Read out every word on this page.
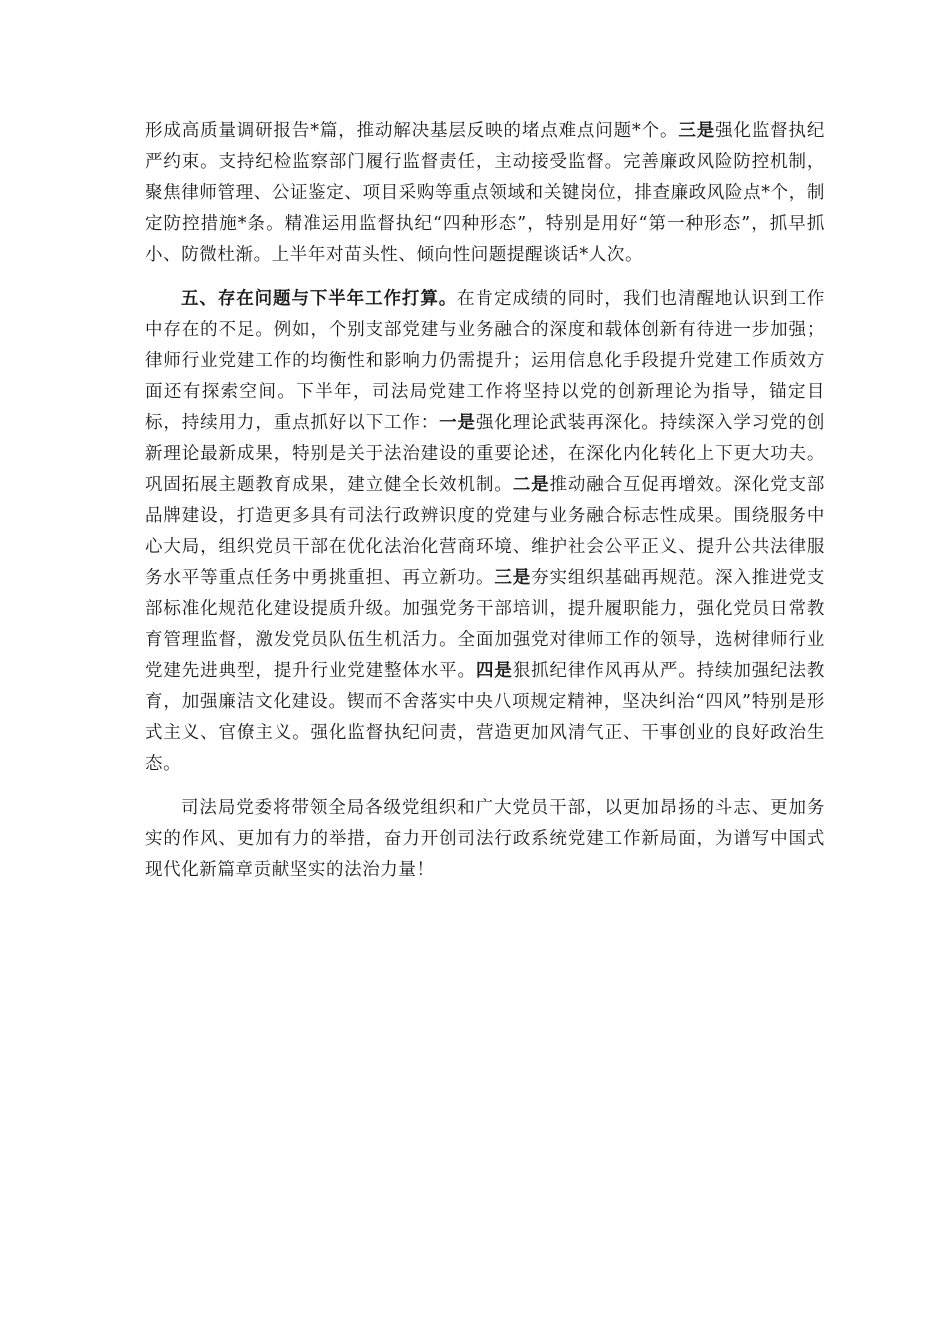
形成高质量调研报告*篇，推动解决基层反映的堵点难点问题*个。三是强化监督执纪严约束。支持纪检监察部门履行监督责任，主动接受监督。完善廉政风险防控机制，聚焦律师管理、公证鉴定、项目采购等重点领域和关键岗位，排查廉政风险点*个，制定防控措施*条。精准运用监督执纪“四种形态”，特别是用好“第一种形态”，抓早抓小、防微杜渐。上半年对苗头性、倾向性问题提醒谈话*人次。

五、存在问题与下半年工作打算。在肯定成绩的同时，我们也清醒地认识到工作中存在的不足。例如，个别支部党建与业务融合的深度和载体创新有待进一步加强；律师行业党建工作的均衡性和影响力仍需提升；运用信息化手段提升党建工作质效方面还有探索空间。下半年，司法局党建工作将坚持以党的创新理论为指导，锚定目标，持续用力，重点抓好以下工作：一是强化理论武装再深化。持续深入学习党的创新理论最新成果，特别是关于法治建设的重要论述，在深化内化转化上下更大功夫。巩固拓展主题教育成果，建立健全长效机制。二是推动融合互促再增效。深化党支部品牌建设，打造更多具有司法行政辨识度的党建与业务融合标志性成果。围绕服务中心大局，组织党员干部在优化法治化营商环境、维护社会公平正义、提升公共法律服务水平等重点任务中勇挑重担、再立新功。三是夯实组织基础再规范。深入推进党支部标准化规范化建设提质升级。加强党务干部培训，提升履职能力，强化党员日常教育管理监督，激发党员队伍生机活力。全面加强党对律师工作的领导，选树律师行业党建先进典型，提升行业党建整体水平。四是狠抓纪律作风再从严。持续加强纪法教育，加强廉洁文化建设。锲而不舍落实中央八项规定精神，坚决纠治“四风”特别是形式主义、官僚主义。强化监督执纪问责，营造更加风清气正、干事创业的良好政治生态。

司法局党委将带领全局各级党组织和广大党员干部，以更加昂扬的斗志、更加务实的作风、更加有力的举措，奋力开创司法行政系统党建工作新局面，为谱写中国式现代化新篇章贡献坚实的法治力量！
